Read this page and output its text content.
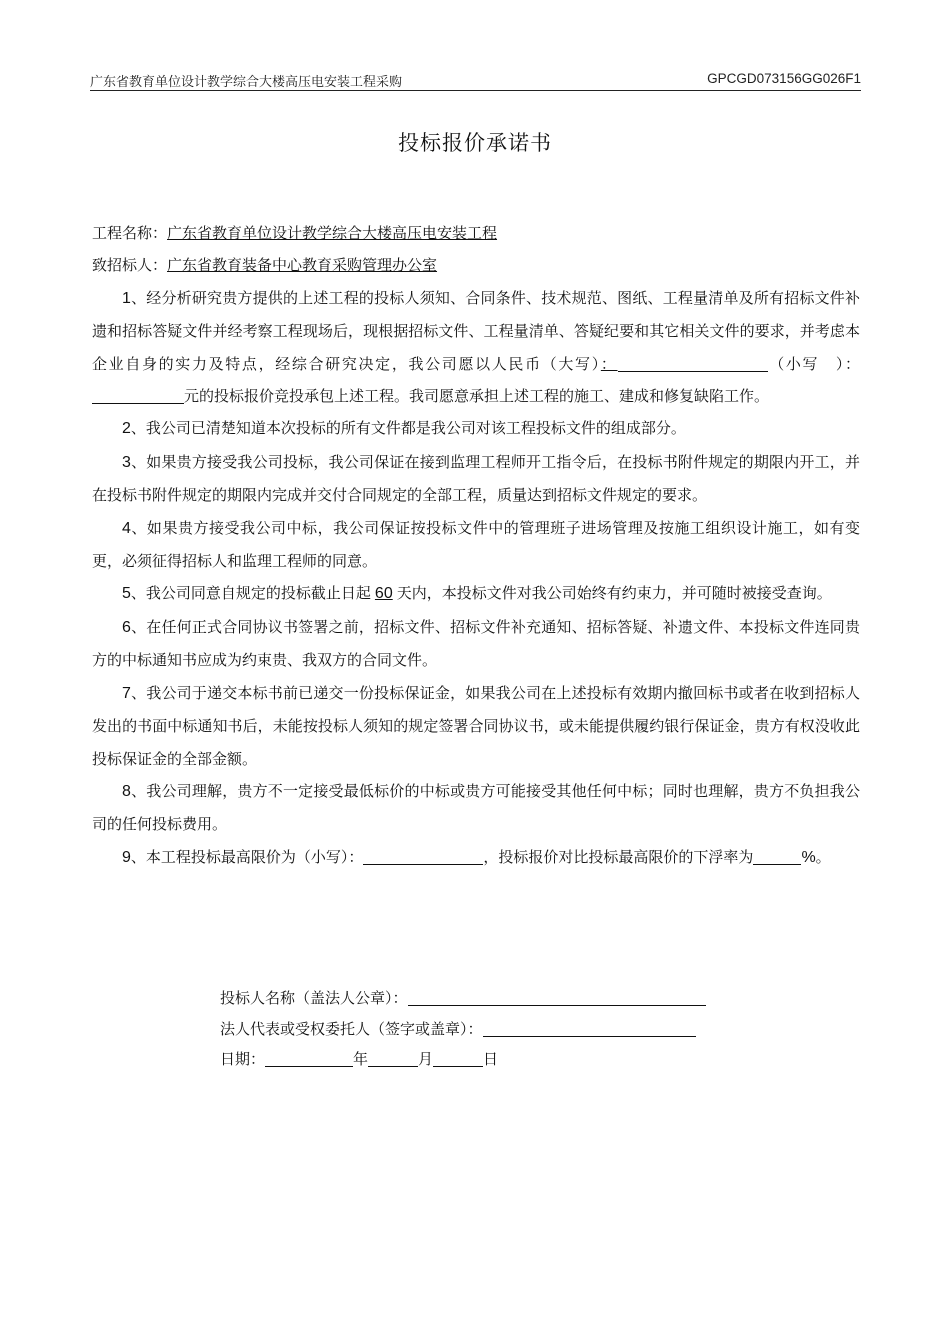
广东省教育单位设计教学综合大楼高压电安装工程采购	GPCGD073156GG026F1
投标报价承诺书

工程名称：广东省教育单位设计教学综合大楼高压电安装工程

致招标人：广东省教育装备中心教育采购管理办公室

1、经分析研究贵方提供的上述工程的投标人须知、合同条件、技术规范、图纸、工程量清单及所有招标文件补遗和招标答疑文件并经考察工程现场后，现根据招标文件、工程量清单、答疑纪要和其它相关文件的要求，并考虑本企业自身的实力及特点，经综合研究决定，我公司愿以人民币（大写）：	（小写　）：元的投标报价竞投承包上述工程。我司愿意承担上述工程的施工、建成和修复缺陷工作。

2、我公司已清楚知道本次投标的所有文件都是我公司对该工程投标文件的组成部分。

3、如果贵方接受我公司投标，我公司保证在接到监理工程师开工指令后，在投标书附件规定的期限内开工，并在投标书附件规定的期限内完成并交付合同规定的全部工程，质量达到招标文件规定的要求。

4、如果贵方接受我公司中标，我公司保证按投标文件中的管理班子进场管理及按施工组织设计施工，如有变更，必须征得招标人和监理工程师的同意。

5、我公司同意自规定的投标截止日起 60 天内，本投标文件对我公司始终有约束力，并可随时被接受查询。

6、在任何正式合同协议书签署之前，招标文件、招标文件补充通知、招标答疑、补遗文件、本投标文件连同贵方的中标通知书应成为约束贵、我双方的合同文件。

7、我公司于递交本标书前已递交一份投标保证金，如果我公司在上述投标有效期内撤回标书或者在收到招标人发出的书面中标通知书后，未能按投标人须知的规定签署合同协议书，或未能提供履约银行保证金，贵方有权没收此投标保证金的全部金额。

8、我公司理解，贵方不一定接受最低标价的中标或贵方可能接受其他任何中标；同时也理解，贵方不负担我公司的任何投标费用。

9、本工程投标最高限价为（小写）：	，投标报价对比投标最高限价的下浮率为	%。

投标人名称（盖法人公章）：

法人代表或受权委托人（签字或盖章）：

日期：	年	月	日
